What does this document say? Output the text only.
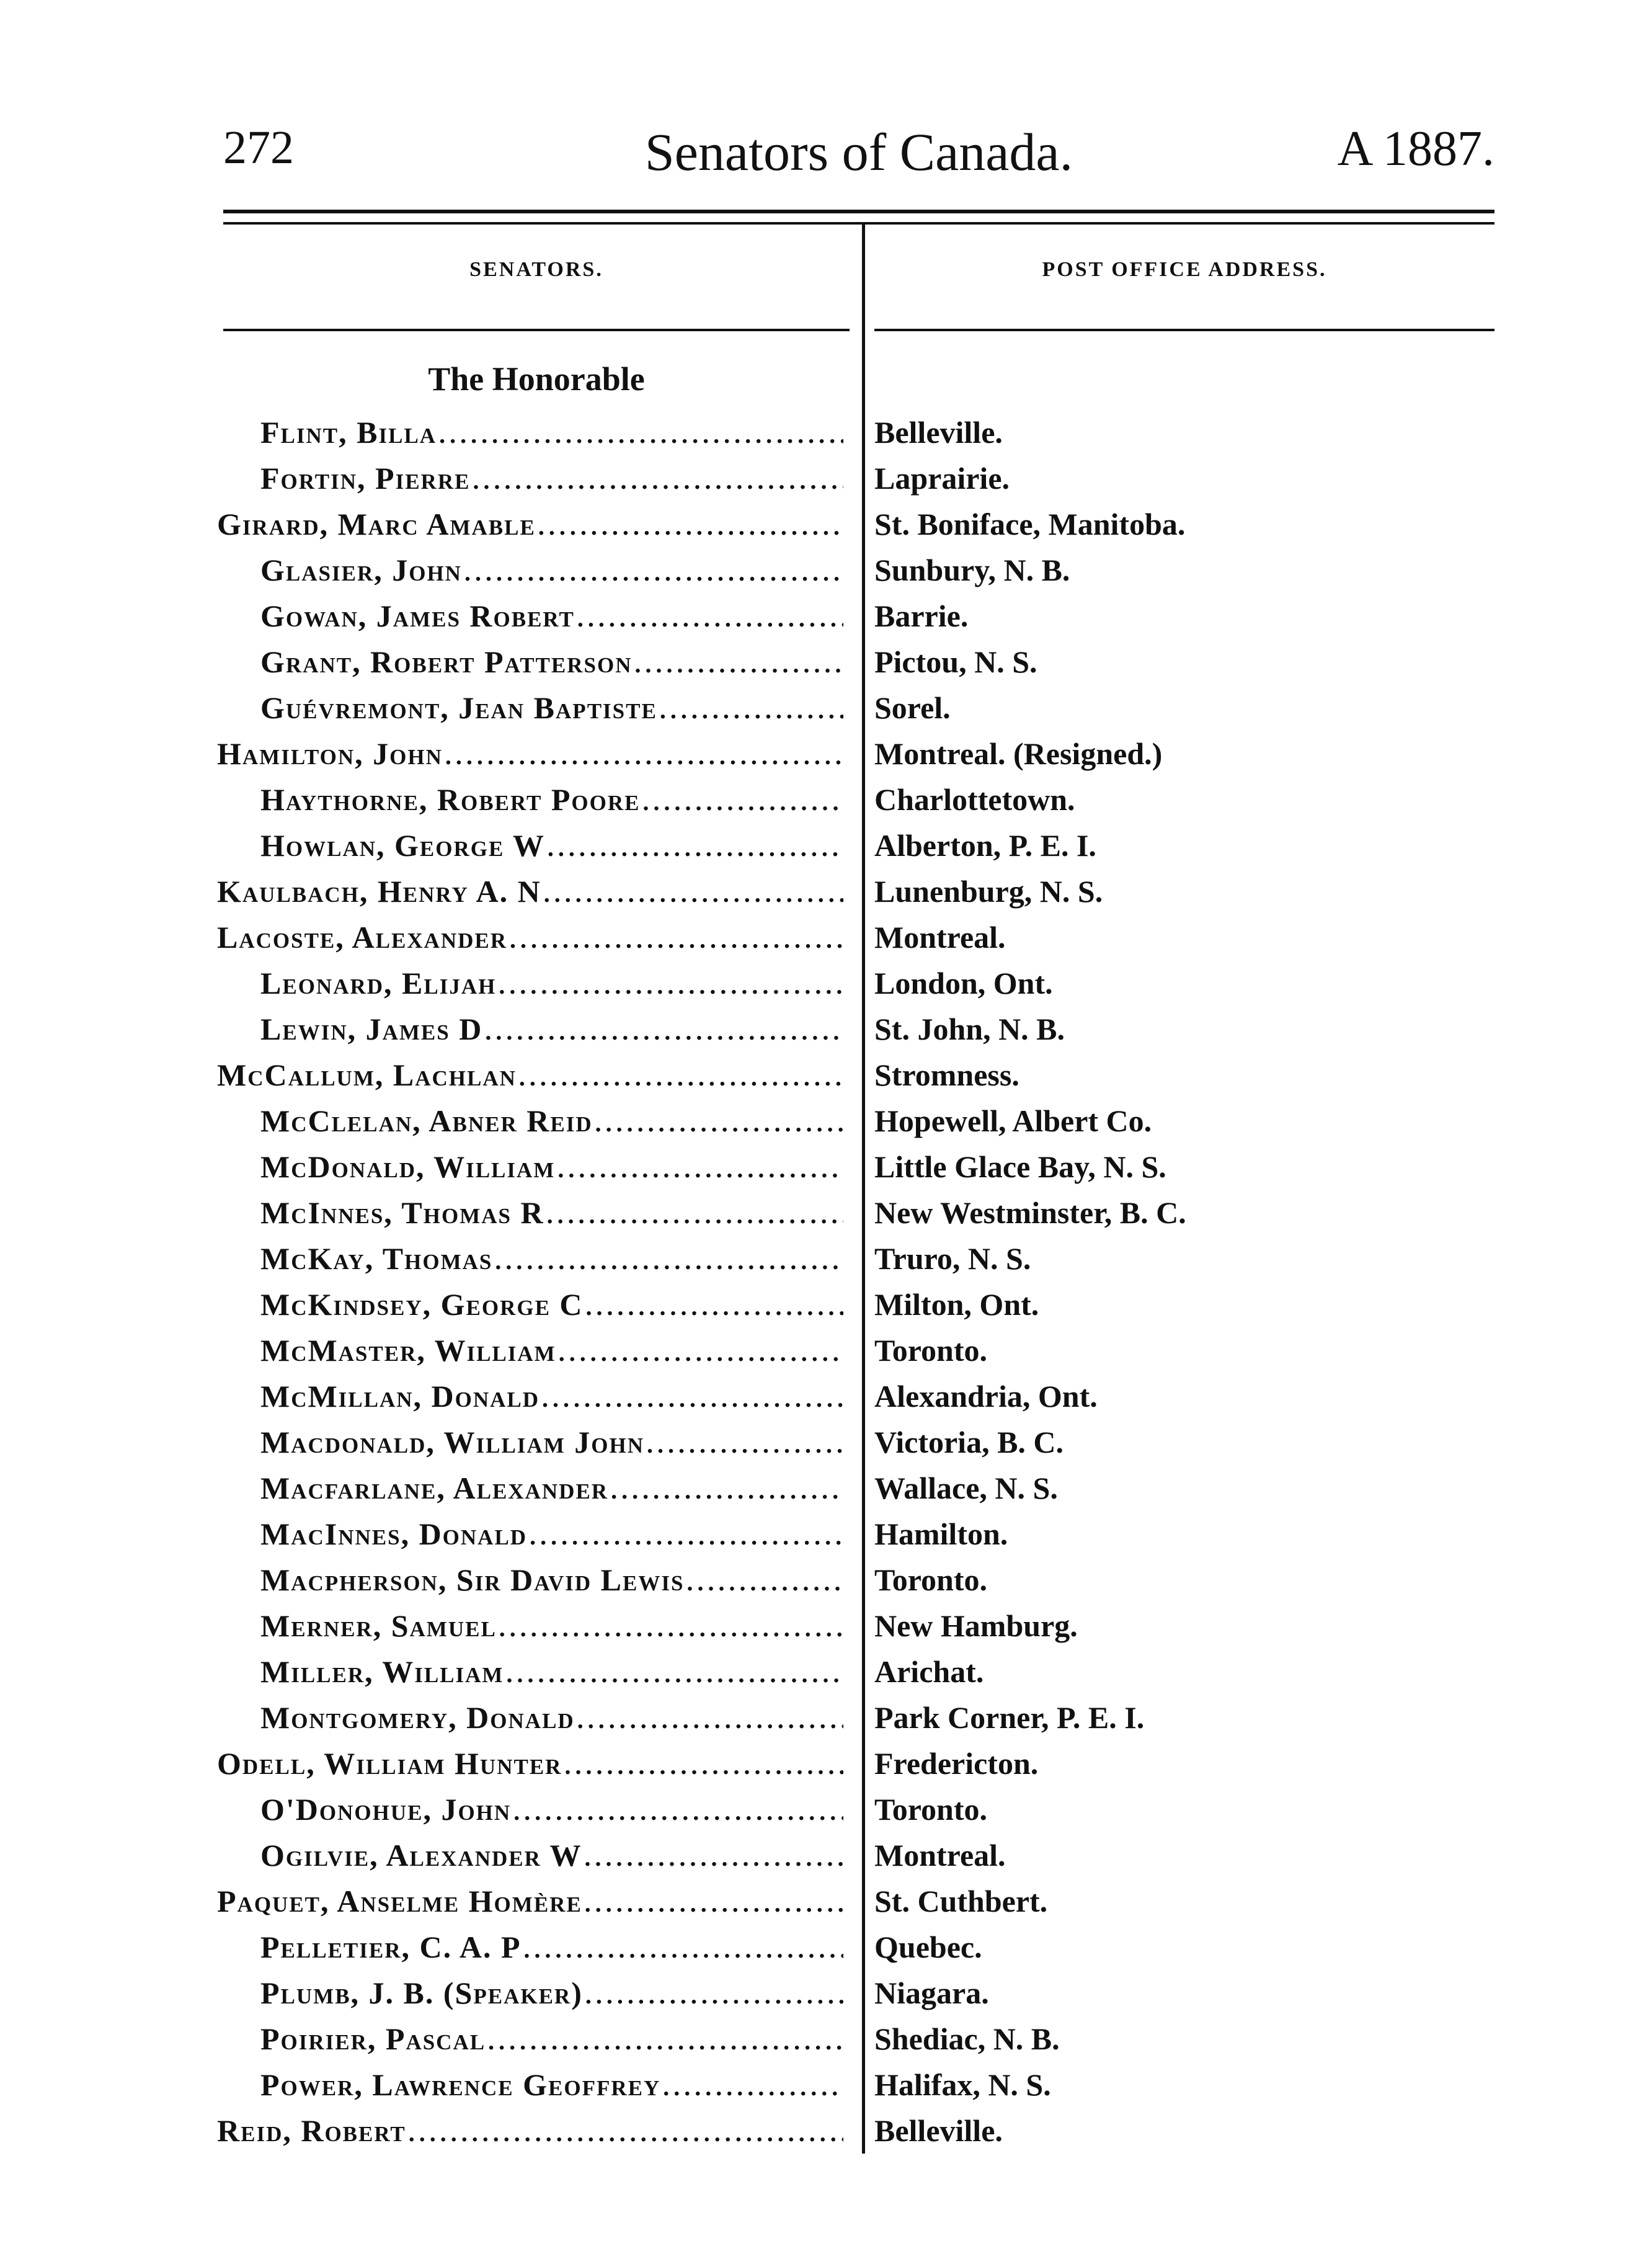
272	Senators of Canada.	A 1887.
SENATORS.	POST OFFICE ADDRESS.
The Honorable
Flint, Billa .....	Belleville.
Fortin, Pierre .....	Laprairie.
Girard, Marc Amable .....	St. Boniface, Manitoba.
Glasier, John .....	Sunbury, N. B.
Gowan, James Robert .....	Barrie.
Grant, Robert Patterson .....	Pictou, N. S.
Guévremont, Jean Baptiste .....	Sorel.
Hamilton, John .....	Montreal. (Resigned.)
Haythorne, Robert Poore .....	Charlottetown.
Howlan, George W .....	Alberton, P. E. I.
Kaulbach, Henry A. N .....	Lunenburg, N. S.
Lacoste, Alexander .....	Montreal.
Leonard, Elijah .....	London, Ont.
Lewin, James D .....	St. John, N. B.
McCallum, Lachlan .....	Stromness.
McClelan, Abner Reid .....	Hopewell, Albert Co.
McDonald, William .....	Little Glace Bay, N. S.
McInnes, Thomas R .....	New Westminster, B. C.
McKay, Thomas .....	Truro, N. S.
McKindsey, George C .....	Milton, Ont.
McMaster, William .....	Toronto.
McMillan, Donald .....	Alexandria, Ont.
Macdonald, William John .....	Victoria, B. C.
Macfarlane, Alexander .....	Wallace, N. S.
MacInnes, Donald .....	Hamilton.
Macpherson, Sir David Lewis .....	Toronto.
Merner, Samuel .....	New Hamburg.
Miller, William .....	Arichat.
Montgomery, Donald .....	Park Corner, P. E. I.
Odell, William Hunter .....	Fredericton.
O'Donohue, John .....	Toronto.
Ogilvie, Alexander W .....	Montreal.
Paquet, Anselme Homère .....	St. Cuthbert.
Pelletier, C. A. P .....	Quebec.
Plumb, J. B. (Speaker) .....	Niagara.
Poirier, Pascal .....	Shediac, N. B.
Power, Lawrence Geoffrey .....	Halifax, N. S.
Reid, Robert .....	Belleville.
